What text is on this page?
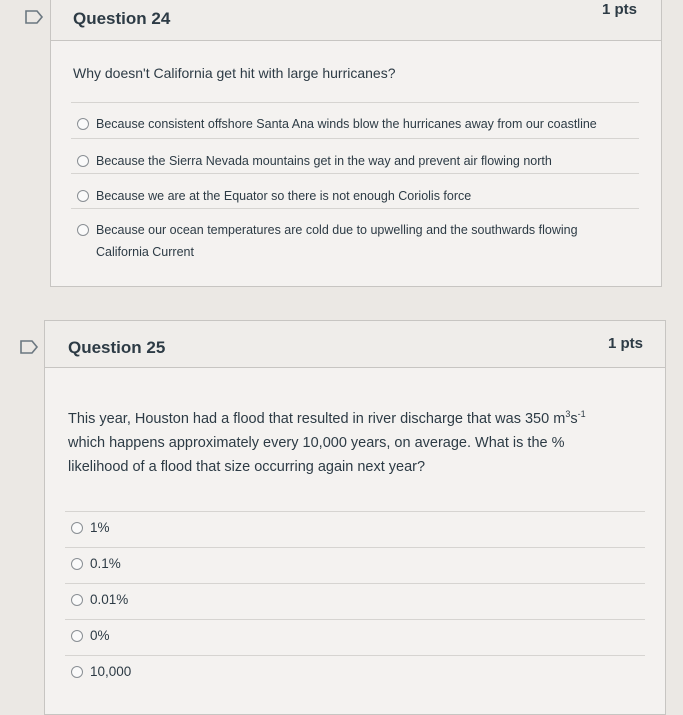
Question 24	1 pts
Why doesn't California get hit with large hurricanes?
Because consistent offshore Santa Ana winds blow the hurricanes away from our coastline
Because the Sierra Nevada mountains get in the way and prevent air flowing north
Because we are at the Equator so there is not enough Coriolis force
Because our ocean temperatures are cold due to upwelling and the southwards flowing
California Current
Question 25	1 pts
This year, Houston had a flood that resulted in river discharge that was 350 $m^3s^{-1}$
which happens approximately every 10,000 years, on average. What is the %
likelihood of a flood that size occurring again next year?
1%
0.1%
0.01%
0%
10,000
